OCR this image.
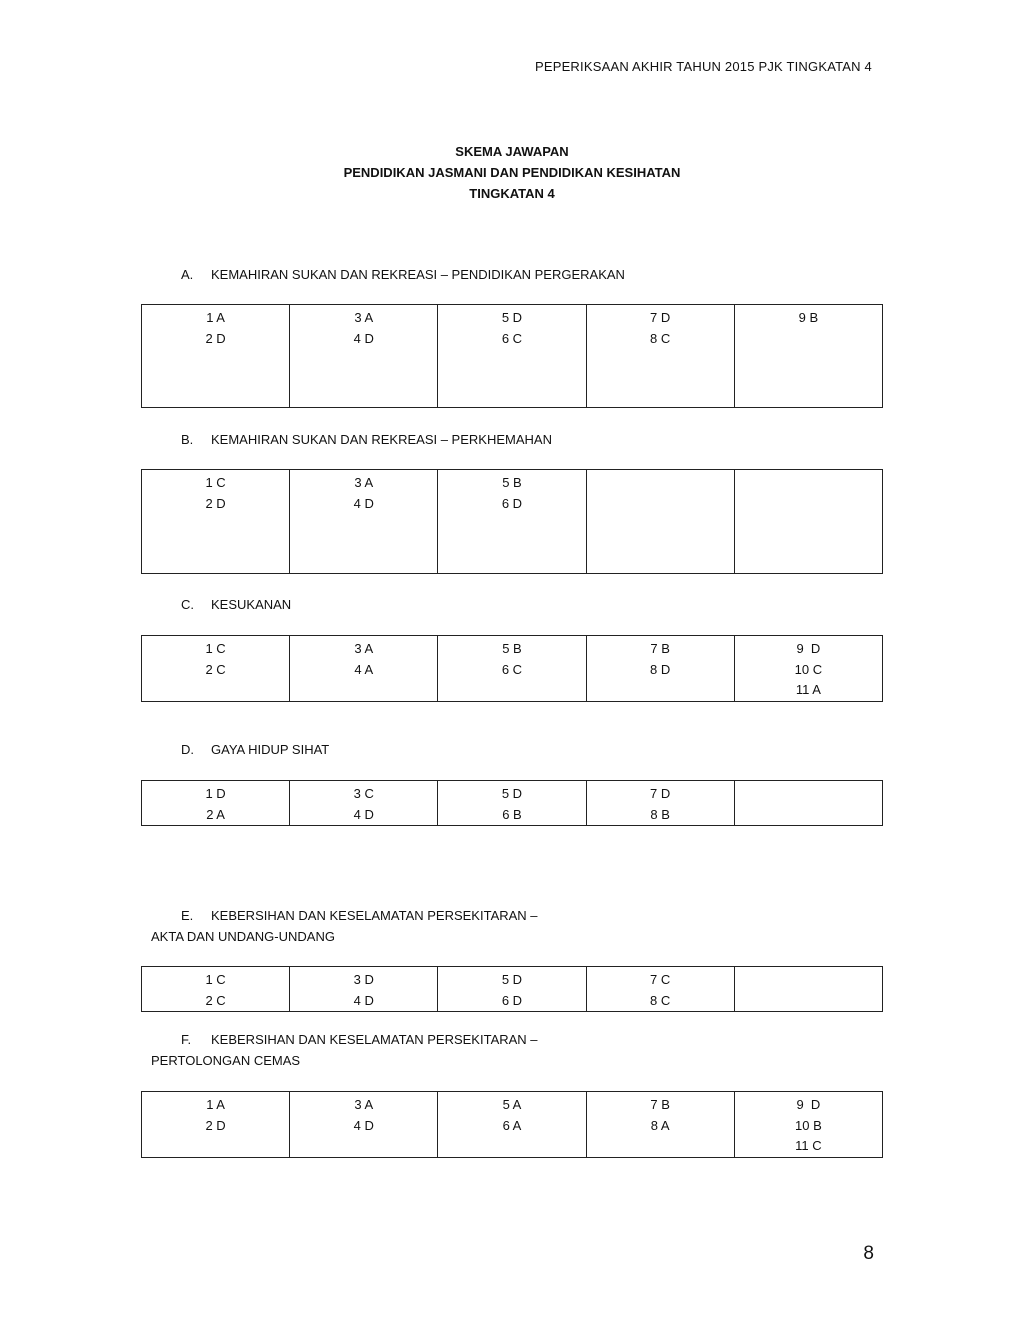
PEPERIKSAAN AKHIR TAHUN 2015 PJK TINGKATAN 4
SKEMA JAWAPAN
PENDIDIKAN JASMANI DAN PENDIDIKAN KESIHATAN
TINGKATAN 4
A. KEMAHIRAN SUKAN DAN REKREASI – PENDIDIKAN PERGERAKAN
1 A
2 D

3 A
4 D

5 D
6 C

7 D
8 C

9 B
B. KEMAHIRAN SUKAN DAN REKREASI – PERKHEMAHAN
1 C
2 D

3 A
4 D

5 B
6 D

C. KESUKANAN
1 C
2 C

3 A
4 A

5 B
6 C

7 B
8 D

9  D
10 C
11 A
D. GAYA HIDUP SIHAT
1 D
2 A

3 C
4 D

5 D
6 B

7 D
8 B

E. KEBERSIHAN DAN KESELAMATAN PERSEKITARAN –
AKTA DAN UNDANG-UNDANG
1 C
2 C

3 D
4 D

5 D
6 D

7 C
8 C

F. KEBERSIHAN DAN KESELAMATAN PERSEKITARAN –
PERTOLONGAN CEMAS
1 A
2 D

3 A
4 D

5 A
6 A

7 B
8 A

9  D
10 B
11 C
8
